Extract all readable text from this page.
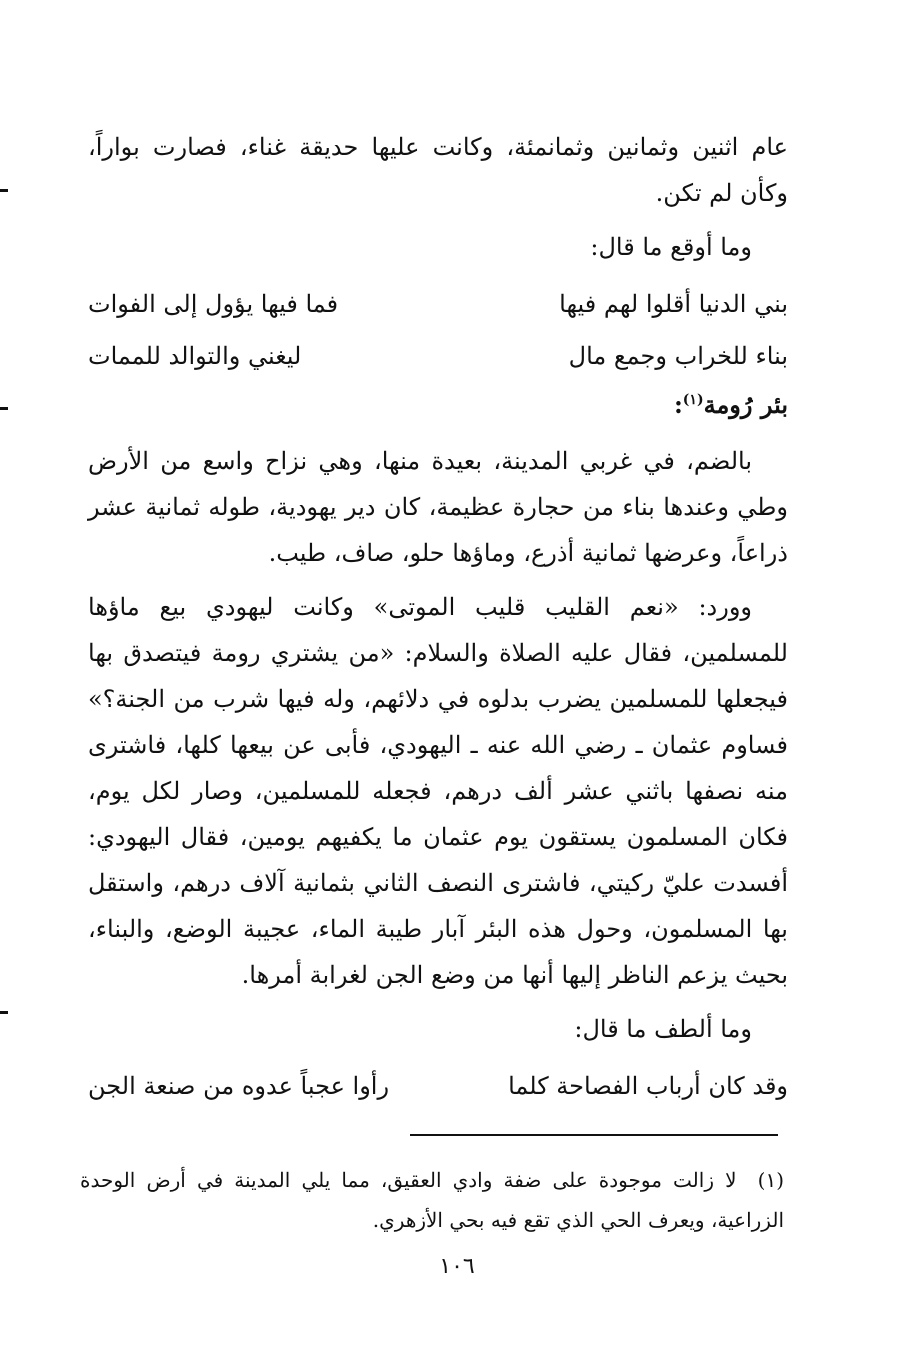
عام اثنين وثمانين وثمانمئة، وكانت عليها حديقة غناء، فصارت بواراً، وكأن لم تكن.

وما أوقع ما قال:

بني الدنيا أقلوا لهم فيها
فما فيها يؤول إلى الفوات
بناء للخراب وجمع مال
ليغني والتوالد للممات

بئر رُومة$^{(١)}$:

بالضم، في غربي المدينة، بعيدة منها، وهي نزاح واسع من الأرض وطي وعندها بناء من حجارة عظيمة، كان دير يهودية، طوله ثمانية عشر ذراعاً، وعرضها ثمانية أذرع، وماؤها حلو، صاف، طيب.

وورد: «نعم القليب قليب الموتى» وكانت ليهودي بيع ماؤها للمسلمين، فقال عليه الصلاة والسلام: «من يشتري رومة فيتصدق بها فيجعلها للمسلمين يضرب بدلوه في دلائهم، وله فيها شرب من الجنة؟» فساوم عثمان ـ رضي الله عنه ـ اليهودي، فأبى عن بيعها كلها، فاشترى منه نصفها باثني عشر ألف درهم، فجعله للمسلمين، وصار لكل يوم، فكان المسلمون يستقون يوم عثمان ما يكفيهم يومين، فقال اليهودي: أفسدت عليّ ركيتي، فاشترى النصف الثاني بثمانية آلاف درهم، واستقل بها المسلمون، وحول هذه البئر آبار طيبة الماء، عجيبة الوضع، والبناء، بحيث يزعم الناظر إليها أنها من وضع الجن لغرابة أمرها.

وما ألطف ما قال:

وقد كان أرباب الفصاحة كلما
رأوا عجباً عدوه من صنعة الجن
(١) لا زالت موجودة على ضفة وادي العقيق، مما يلي المدينة في أرض الوحدة الزراعية، ويعرف الحي الذي تقع فيه بحي الأزهري.
١٠٦
